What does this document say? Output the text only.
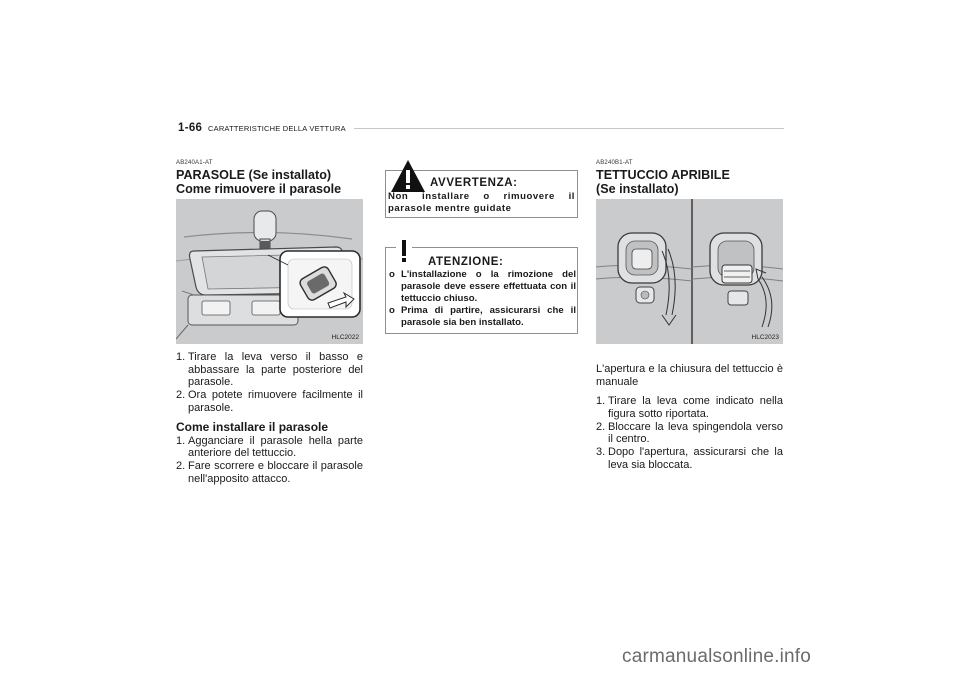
1-66 CARATTERISTICHE DELLA VETTURA
AB240A1-AT
PARASOLE (Se installato)
Come rimuovere il parasole
HLC2022
1. Tirare la leva verso il basso e abbassare la parte posteriore del parasole.
2. Ora potete rimuovere facilmente il parasole.
Come installare il parasole
1. Agganciare il parasole hella parte anteriore del tettuccio.
2. Fare scorrere e bloccare il parasole nell'apposito attacco.
AVVERTENZA:
Non installare o rimuovere il parasole mentre guidate
ATENZIONE:
o L'installazione o la rimozione del parasole deve essere effettuata con il tettuccio chiuso.
o Prima di partire, assicurarsi che il parasole sia ben installato.
AB240B1-AT
TETTUCCIO APRIBILE
(Se installato)
HLC2023
L'apertura e la chiusura del tettuccio è manuale
1. Tirare la leva come indicato nella figura sotto riportata.
2. Bloccare la leva spingendola verso il centro.
3. Dopo l'apertura, assicurarsi che la leva sia bloccata.
carmanualsonline.info
